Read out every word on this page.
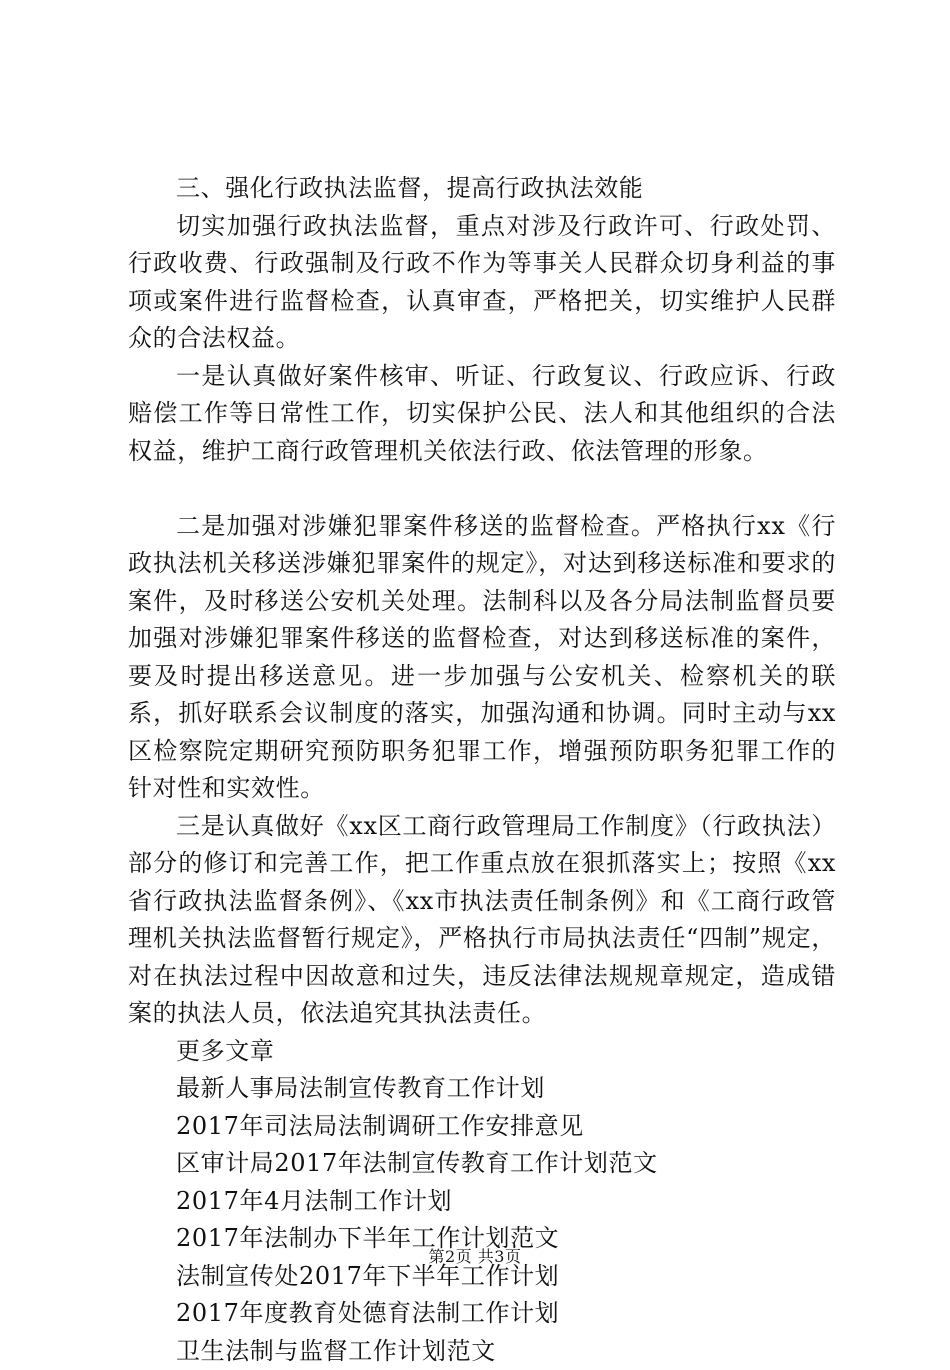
三、强化行政执法监督，提高行政执法效能

切实加强行政执法监督，重点对涉及行政许可、行政处罚、行政收费、行政强制及行政不作为等事关人民群众切身利益的事项或案件进行监督检查，认真审查，严格把关，切实维护人民群众的合法权益。

一是认真做好案件核审、听证、行政复议、行政应诉、行政赔偿工作等日常性工作，切实保护公民、法人和其他组织的合法权益，维护工商行政管理机关依法行政、依法管理的形象。

二是加强对涉嫌犯罪案件移送的监督检查。严格执行xx《行政执法机关移送涉嫌犯罪案件的规定》，对达到移送标准和要求的案件，及时移送公安机关处理。法制科以及各分局法制监督员要加强对涉嫌犯罪案件移送的监督检查，对达到移送标准的案件，要及时提出移送意见。进一步加强与公安机关、检察机关的联系，抓好联系会议制度的落实，加强沟通和协调。同时主动与xx区检察院定期研究预防职务犯罪工作，增强预防职务犯罪工作的针对性和实效性。

三是认真做好《xx区工商行政管理局工作制度》（行政执法）部分的修订和完善工作，把工作重点放在狠抓落实上；按照《xx省行政执法监督条例》、《xx市执法责任制条例》和《工商行政管理机关执法监督暂行规定》，严格执行市局执法责任“四制”规定，对在执法过程中因故意和过失，违反法律法规规章规定，造成错案的执法人员，依法追究其执法责任。

更多文章

最新人事局法制宣传教育工作计划
2017年司法局法制调研工作安排意见
区审计局2017年法制宣传教育工作计划范文
2017年4月法制工作计划
2017年法制办下半年工作计划范文
法制宣传处2017年下半年工作计划
2017年度教育处德育法制工作计划
卫生法制与监督工作计划范文
第2页 共3页
